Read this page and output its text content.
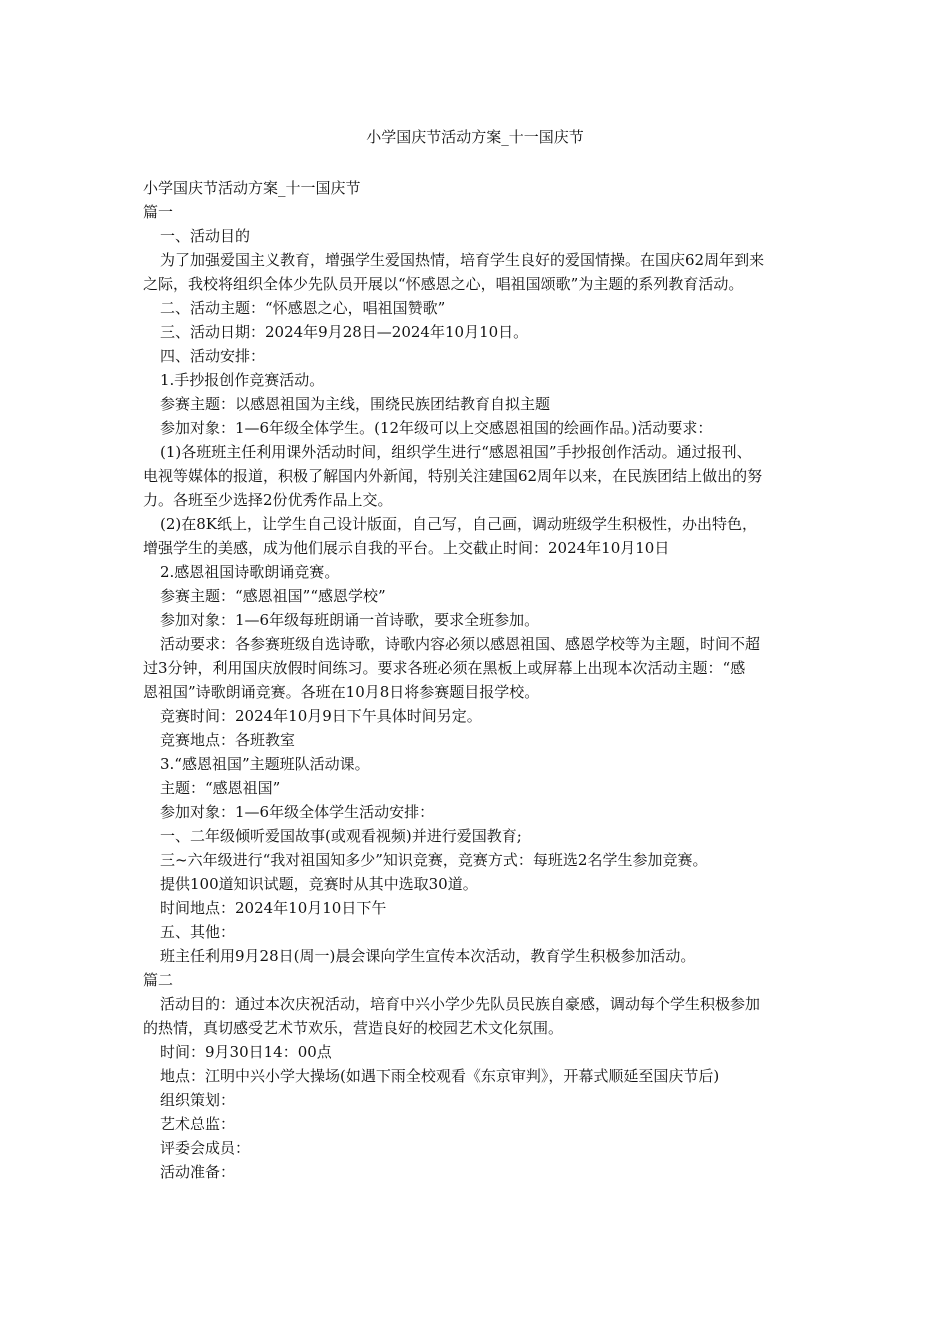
小学国庆节活动方案_十一国庆节
小学国庆节活动方案_十一国庆节
篇一
一、活动目的
为了加强爱国主义教育，增强学生爱国热情，培育学生良好的爱国情操。在国庆62周年到来
之际，我校将组织全体少先队员开展以“怀感恩之心，唱祖国颂歌”为主题的系列教育活动。
二、活动主题：“怀感恩之心，唱祖国赞歌”
三、活动日期：2024年9月28日—2024年10月10日。
四、活动安排：
1.手抄报创作竞赛活动。
参赛主题：以感恩祖国为主线，围绕民族团结教育自拟主题
参加对象：1—6年级全体学生。(12年级可以上交感恩祖国的绘画作品。)活动要求：
(1)各班班主任利用课外活动时间，组织学生进行“感恩祖国”手抄报创作活动。通过报刊、
电视等媒体的报道，积极了解国内外新闻，特别关注建国62周年以来，在民族团结上做出的努
力。各班至少选择2份优秀作品上交。
(2)在8K纸上，让学生自己设计版面，自己写，自己画，调动班级学生积极性，办出特色，
增强学生的美感，成为他们展示自我的平台。上交截止时间：2024年10月10日
2.感恩祖国诗歌朗诵竞赛。
参赛主题：“感恩祖国”“感恩学校”
参加对象：1—6年级每班朗诵一首诗歌，要求全班参加。
活动要求：各参赛班级自选诗歌，诗歌内容必须以感恩祖国、感恩学校等为主题，时间不超
过3分钟，利用国庆放假时间练习。要求各班必须在黑板上或屏幕上出现本次活动主题：“感
恩祖国”诗歌朗诵竞赛。各班在10月8日将参赛题目报学校。
竞赛时间：2024年10月9日下午具体时间另定。
竞赛地点：各班教室
3.“感恩祖国”主题班队活动课。
主题：“感恩祖国”
参加对象：1—6年级全体学生活动安排：
一、二年级倾听爱国故事(或观看视频)并进行爱国教育;
三~六年级进行“我对祖国知多少”知识竞赛，竞赛方式：每班选2名学生参加竞赛。
提供100道知识试题，竞赛时从其中选取30道。
时间地点：2024年10月10日下午
五、其他：
班主任利用9月28日(周一)晨会课向学生宣传本次活动，教育学生积极参加活动。
篇二
活动目的：通过本次庆祝活动，培育中兴小学少先队员民族自豪感，调动每个学生积极参加
的热情，真切感受艺术节欢乐，营造良好的校园艺术文化氛围。
时间：9月30日14：00点
地点：江明中兴小学大操场(如遇下雨全校观看《东京审判》，开幕式顺延至国庆节后)
组织策划：
艺术总监：
评委会成员：
活动准备：
